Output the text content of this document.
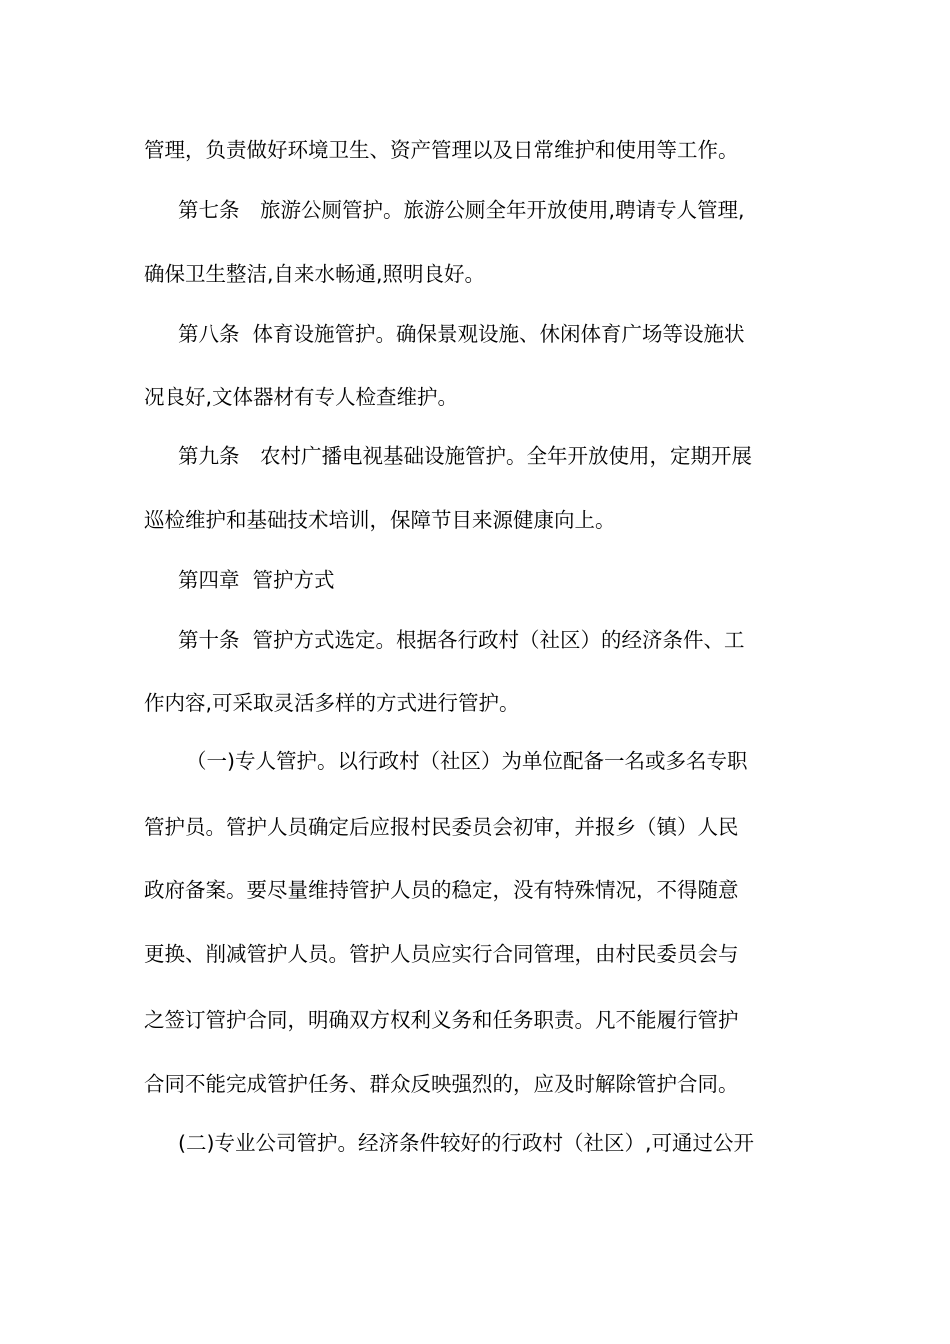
管理，负责做好环境卫生、资产管理以及日常维护和使用等工作。
第七条　旅游公厕管护。旅游公厕全年开放使用,聘请专人管理,
确保卫生整洁,自来水畅通,照明良好。
第八条  体育设施管护。确保景观设施、休闲体育广场等设施状
况良好,文体器材有专人检查维护。
第九条　农村广播电视基础设施管护。全年开放使用，定期开展
巡检维护和基础技术培训，保障节目来源健康向上。
第四章  管护方式
第十条  管护方式选定。根据各行政村（社区）的经济条件、工
作内容,可采取灵活多样的方式进行管护。
（一)专人管护。以行政村（社区）为单位配备一名或多名专职
管护员。管护人员确定后应报村民委员会初审，并报乡（镇）人民
政府备案。要尽量维持管护人员的稳定，没有特殊情况，不得随意
更换、削减管护人员。管护人员应实行合同管理，由村民委员会与
之签订管护合同，明确双方权利义务和任务职责。凡不能履行管护
合同不能完成管护任务、群众反映强烈的，应及时解除管护合同。
(二)专业公司管护。经济条件较好的行政村（社区）,可通过公开
